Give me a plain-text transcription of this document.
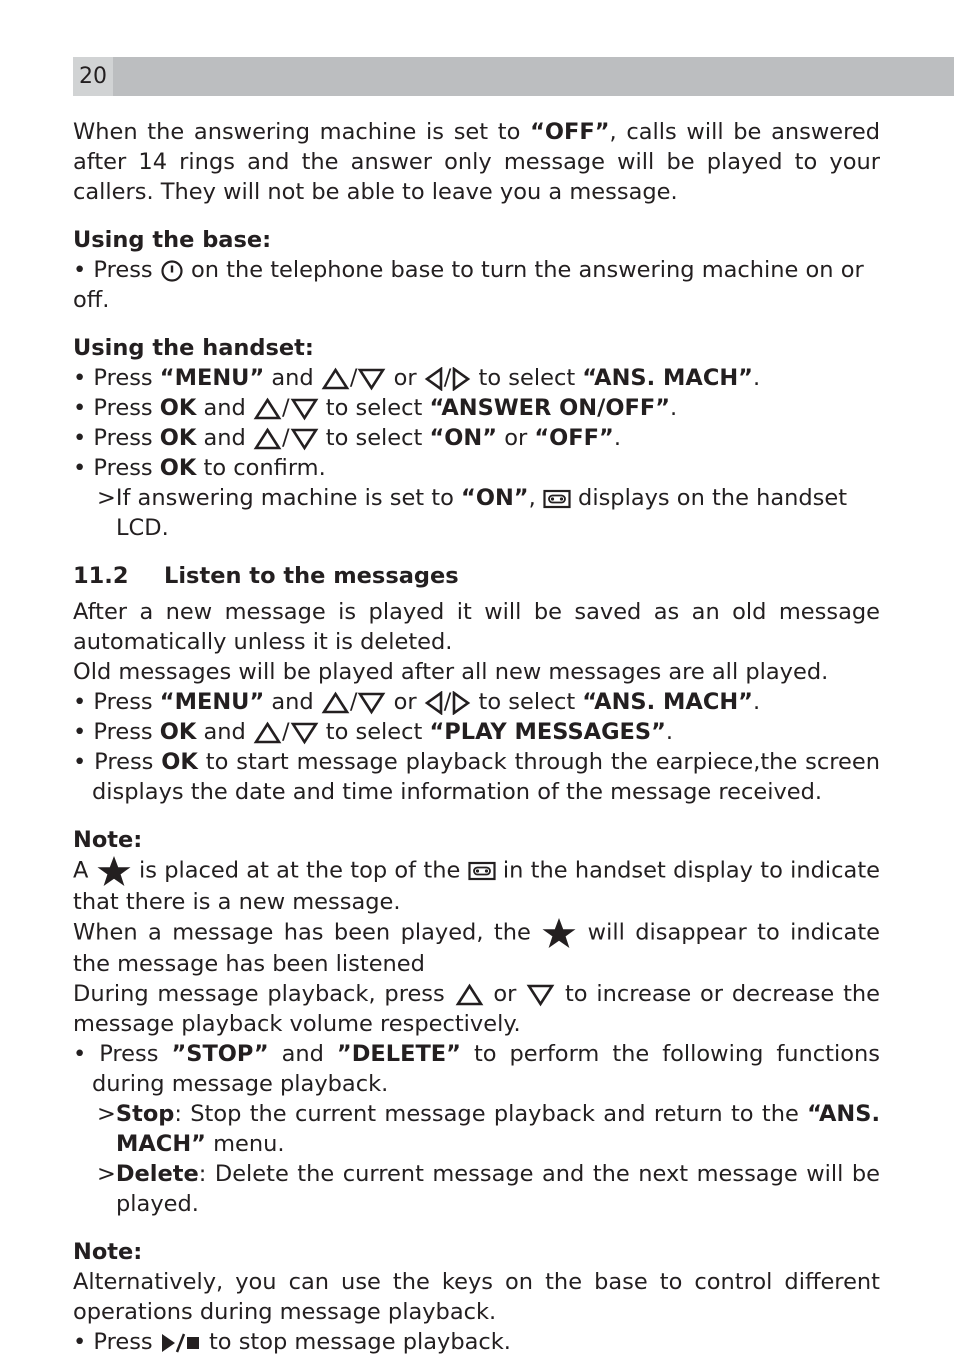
20

When the answering machine is set to “OFF”, calls will be answered after 14 rings and the answer only message will be played to your callers. They will not be able to leave you a message.

Using the base:

• Press
on the telephone base to turn the answering machine on or off.

Using the handset:

• Press “MENU” and
/
or
/
to select “ANS. MACH”.

• Press OK and
/
to select “ANSWER ON/OFF”.

• Press OK and
/
to select “ON” or “OFF”.

• Press OK to confirm.

>If answering machine is set to “ON”,
displays on the handset LCD.

11.2 Listen to the messages

After a new message is played it will be saved as an old message automatically unless it is deleted.

Old messages will be played after all new messages are all played.

• Press “MENU” and
/
or
/
to select “ANS. MACH”.

• Press OK and
/
to select “PLAY MESSAGES”.

• Press OK to start message playback through the earpiece,the screen displays the date and time information of the message received.

Note:

A
is placed at at the top of the
in the handset display to indicate that there is a new message.

When a message has been played, the
will disappear to indicate the message has been listened

During message playback, press
or
to increase or decrease the message playback volume respectively.

• Press ”STOP” and ”DELETE” to perform the following functions during message playback.

>Stop: Stop the current message playback and return to the “ANS. MACH” menu.

>Delete: Delete the current message and the next message will be played.

Note:

Alternatively, you can use the keys on the base to control different operations during message playback.

• Press
to stop message playback.
